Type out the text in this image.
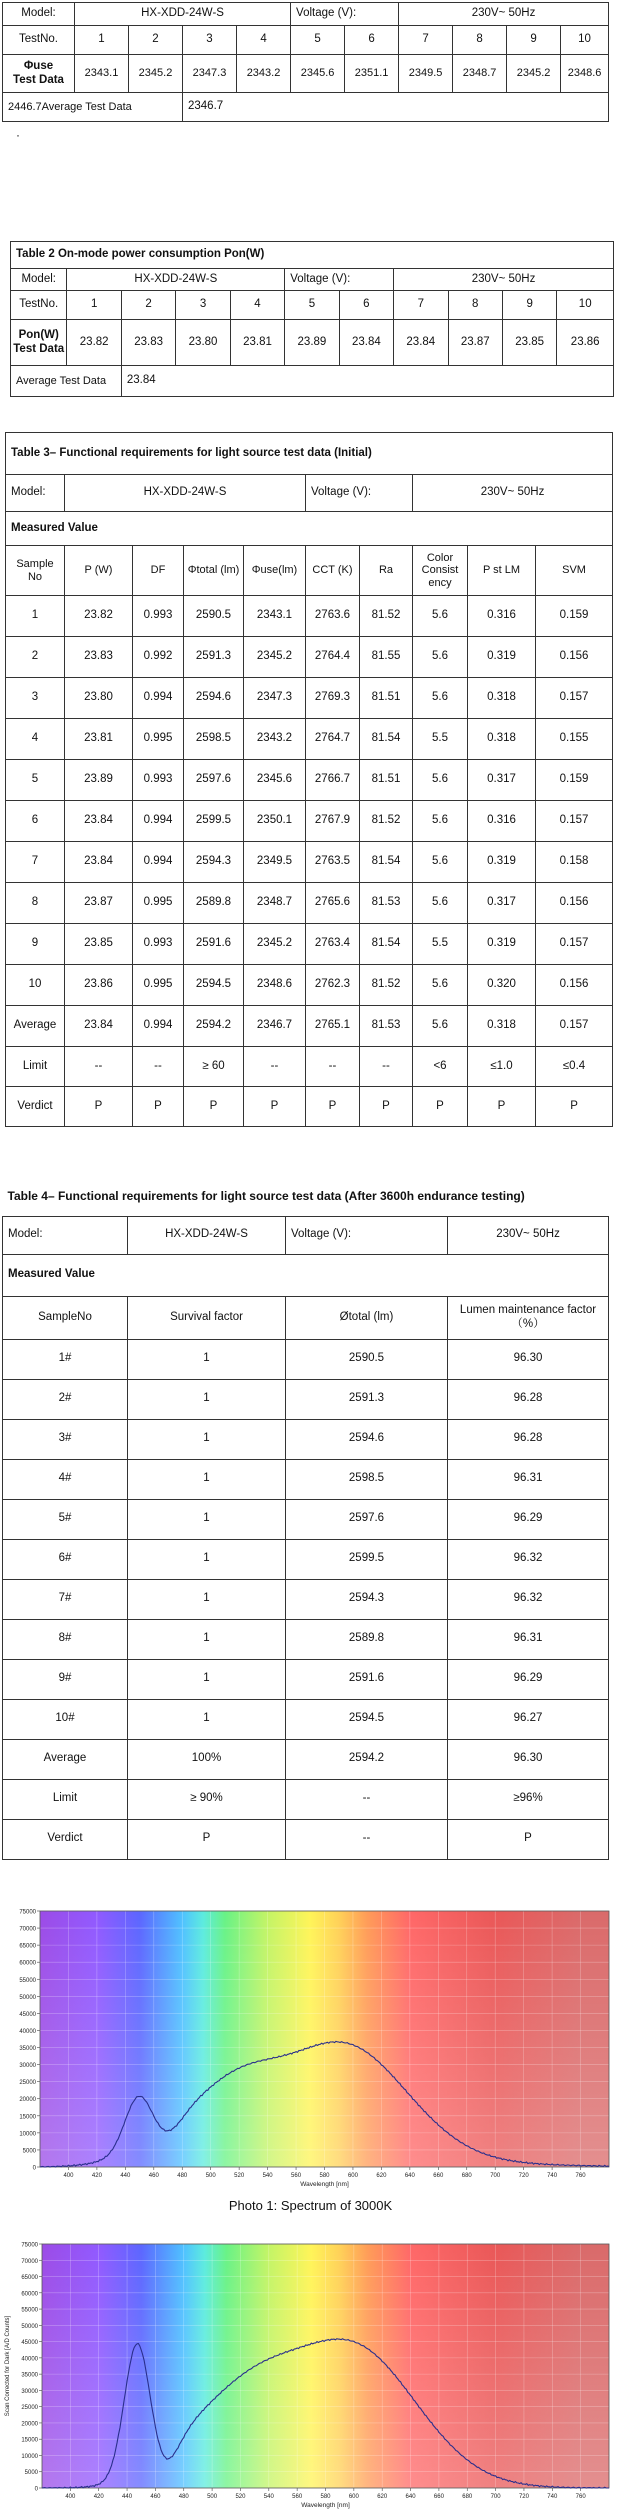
Model:	HX-XDD-24W-S				Voltage (V):		230V~ 50Hz			
TestNo.	1	2	3	4	5	6	7	8	9	10
Φuse
Test Data	2343.1	2345.2	2347.3	2343.2	2345.6	2351.1	2349.5	2348.7	2345.2	2348.6
2446.7Average Test Data			2346.7							
·
Table 2 On-mode power consumption Pon(W)										
Model:	HX-XDD-24W-S				Voltage (V):		230V~ 50Hz			
TestNo.	1	2	3	4	5	6	7	8	9	10
Pon(W) Test Data	23.82	23.83	23.80	23.81	23.89	23.84	23.84	23.87	23.85	23.86
Average Test Data		23.84								
Table 3– Functional requirements for light source test data (Initial)									
Model:	HX-XDD-24W-S				Voltage (V):		230V~ 50Hz		
Measured Value									
Sample No	P (W)	DF	Φtotal (lm)	Φuse(lm)	CCT (K)	Ra	Color Consist ency	P st LM	SVM
1	23.82	0.993	2590.5	2343.1	2763.6	81.52	5.6	0.316	0.159
2	23.83	0.992	2591.3	2345.2	2764.4	81.55	5.6	0.319	0.156
3	23.80	0.994	2594.6	2347.3	2769.3	81.51	5.6	0.318	0.157
4	23.81	0.995	2598.5	2343.2	2764.7	81.54	5.5	0.318	0.155
5	23.89	0.993	2597.6	2345.6	2766.7	81.51	5.6	0.317	0.159
6	23.84	0.994	2599.5	2350.1	2767.9	81.52	5.6	0.316	0.157
7	23.84	0.994	2594.3	2349.5	2763.5	81.54	5.6	0.319	0.158
8	23.87	0.995	2589.8	2348.7	2765.6	81.53	5.6	0.317	0.156
9	23.85	0.993	2591.6	2345.2	2763.4	81.54	5.5	0.319	0.157
10	23.86	0.995	2594.5	2348.6	2762.3	81.52	5.6	0.320	0.156
Average	23.84	0.994	2594.2	2346.7	2765.1	81.53	5.6	0.318	0.157
Limit	--	--	≥ 60	--	--	--	<6	≤1.0	≤0.4
Verdict	P	P	P	P	P	P	P	P	P
Table 4– Functional requirements for light source test data (After 3600h endurance testing)			
Model:	HX-XDD-24W-S	Voltage (V):	230V~ 50Hz
Measured Value			
SampleNo	Survival factor	Øtotal (lm)	Lumen maintenance factor （%）
1#	1	2590.5	96.30
2#	1	2591.3	96.28
3#	1	2594.6	96.28
4#	1	2598.5	96.31
5#	1	2597.6	96.29
6#	1	2599.5	96.32
7#	1	2594.3	96.32
8#	1	2589.8	96.31
9#	1	2591.6	96.29
10#	1	2594.5	96.27
Average	100%	2594.2	96.30
Limit	≥ 90%	--	≥96%
Verdict	P	--	P
0
5000
10000
15000
20000
25000
30000
35000
40000
45000
50000
55000
60000
65000
70000
75000
400	420	440	460	480	500	520	540	560	580	600	620	640	660	680	700	720	740	760
Wavelength [nm]
Photo 1: Spectrum of 3000K
0
5000
10000
15000
20000
25000
30000
35000
40000
45000
50000
55000
60000
65000
70000
75000
400	420	440	460	480	500	520	540	560	580	600	620	640	660	680	700	720	740	760
Wavelength [nm]
Scan Corrected for Dark [A/D Counts]
